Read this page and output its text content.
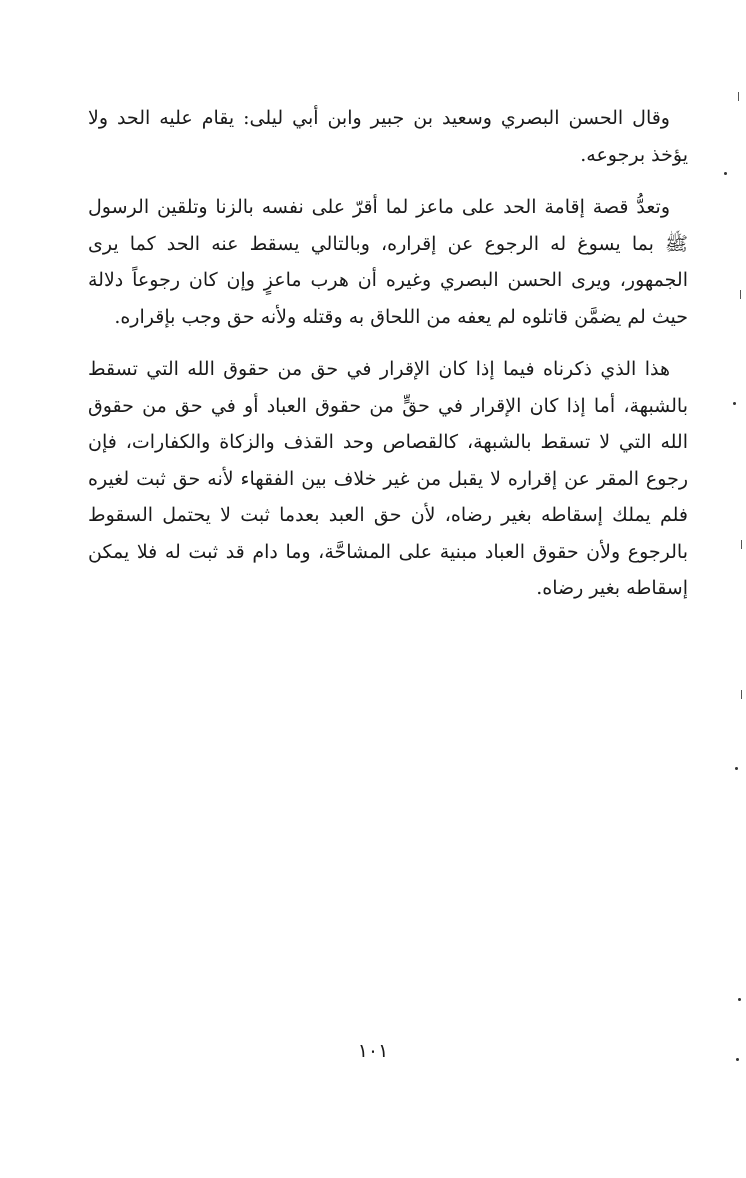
وقال الحسن البصري وسعيد بن جبير وابن أبي ليلى: يقام عليه الحد ولا يؤخذ برجوعه.

وتعدُّ قصة إقامة الحد على ماعز لما أقرّ على نفسه بالزنا وتلقين الرسول ﷺ بما يسوغ له الرجوع عن إقراره، وبالتالي يسقط عنه الحد كما يرى الجمهور، ويرى الحسن البصري وغيره أن هرب ماعزٍ وإن كان رجوعاً دلالة حيث لم يضمَّن قاتلوه لم يعفه من اللحاق به وقتله ولأنه حق وجب بإقراره.

هذا الذي ذكرناه فيما إذا كان الإقرار في حق من حقوق الله التي تسقط بالشبهة، أما إذا كان الإقرار في حقٍّ من حقوق العباد أو في حق من حقوق الله التي لا تسقط بالشبهة، كالقصاص وحد القذف والزكاة والكفارات، فإن رجوع المقر عن إقراره لا يقبل من غير خلاف بين الفقهاء لأنه حق ثبت لغيره فلم يملك إسقاطه بغير رضاه، لأن حق العبد بعدما ثبت لا يحتمل السقوط بالرجوع ولأن حقوق العباد مبنية على المشاحَّة، وما دام قد ثبت له فلا يمكن إسقاطه بغير رضاه.

١٠١
